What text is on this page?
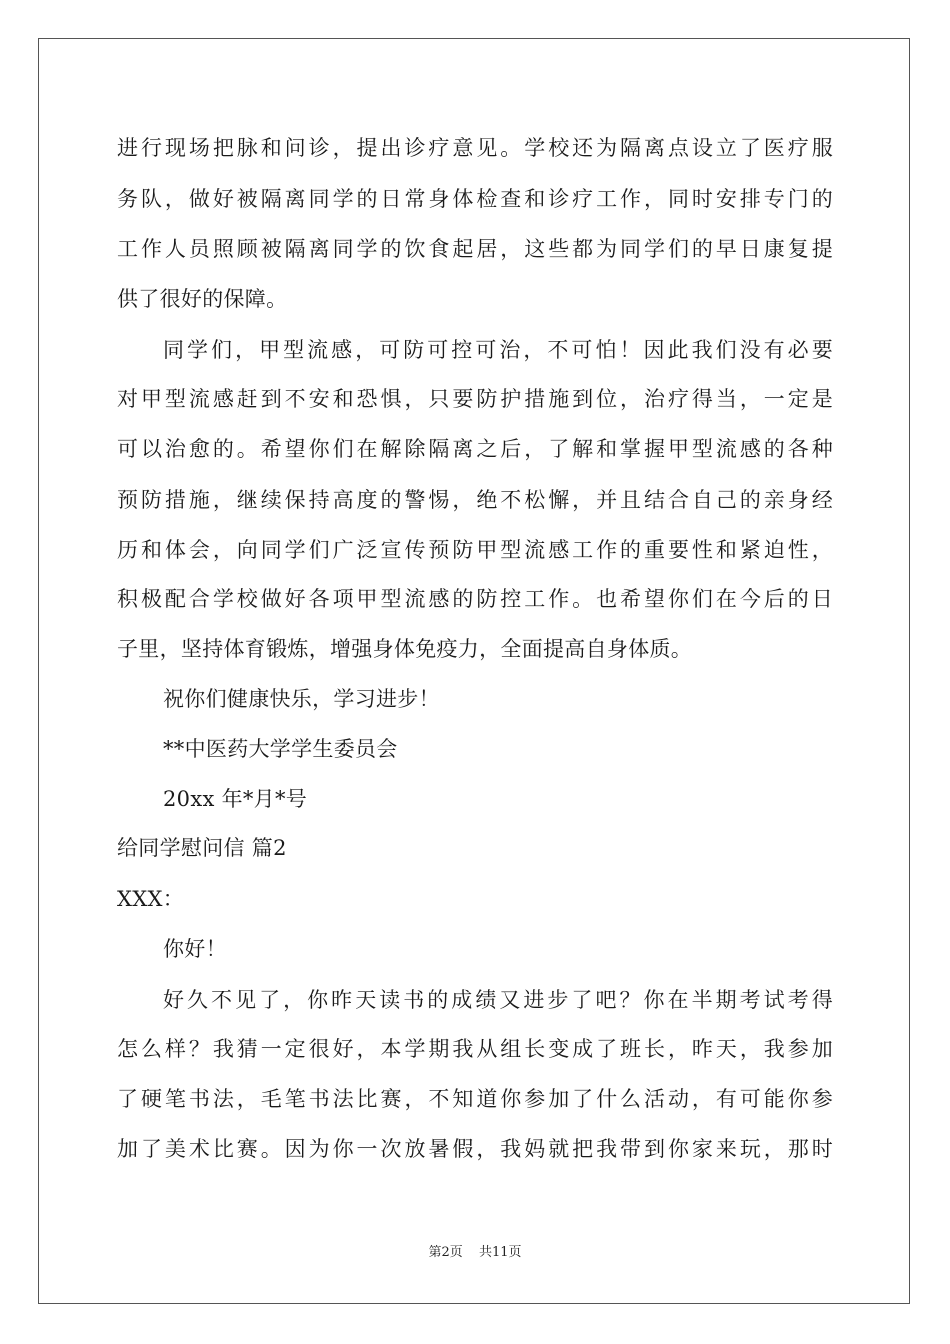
进行现场把脉和问诊，提出诊疗意见。学校还为隔离点设立了医疗服
务队，做好被隔离同学的日常身体检查和诊疗工作，同时安排专门的
工作人员照顾被隔离同学的饮食起居，这些都为同学们的早日康复提
供了很好的保障。
同学们，甲型流感，可防可控可治，不可怕！因此我们没有必要
对甲型流感赶到不安和恐惧，只要防护措施到位，治疗得当，一定是
可以治愈的。希望你们在解除隔离之后，了解和掌握甲型流感的各种
预防措施，继续保持高度的警惕，绝不松懈，并且结合自己的亲身经
历和体会，向同学们广泛宣传预防甲型流感工作的重要性和紧迫性，
积极配合学校做好各项甲型流感的防控工作。也希望你们在今后的日
子里，坚持体育锻炼，增强身体免疫力，全面提高自身体质。
祝你们健康快乐，学习进步！
**中医药大学学生委员会
20xx 年*月*号
给同学慰问信 篇2
XXX：
你好！
好久不见了，你昨天读书的成绩又进步了吧？你在半期考试考得
怎么样？我猜一定很好，本学期我从组长变成了班长，昨天，我参加
了硬笔书法，毛笔书法比赛，不知道你参加了什么活动，有可能你参
加了美术比赛。因为你一次放暑假，我妈就把我带到你家来玩，那时
第2页 共11页
